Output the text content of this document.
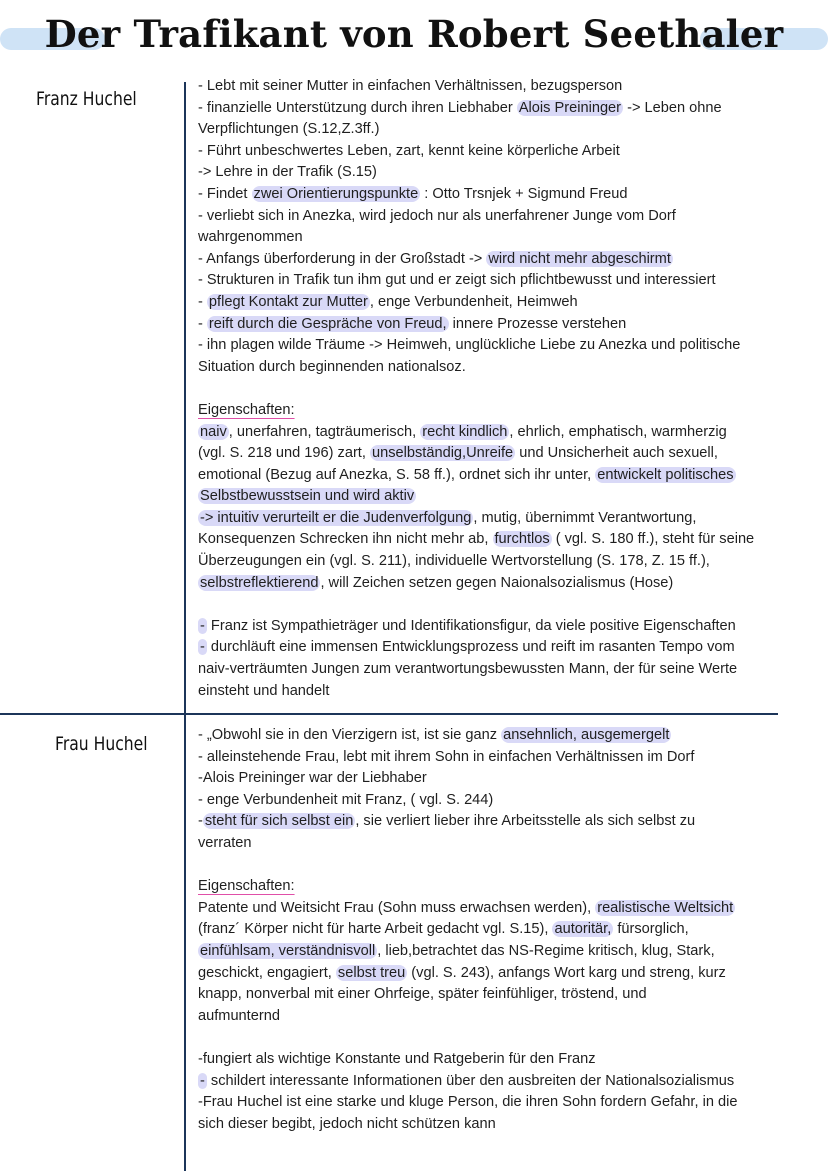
Der Trafikant von Robert Seethaler
Franz Huchel
- Lebt mit seiner Mutter in einfachen Verhältnissen, bezugsperson
- finanzielle Unterstützung durch ihren Liebhaber Alois Preininger -> Leben ohne
Verpflichtungen (S.12,Z.3ff.)
- Führt unbeschwertes Leben, zart, kennt keine körperliche Arbeit
-> Lehre in der Trafik (S.15)
- Findet zwei Orientierungspunkte : Otto Trsnjek + Sigmund Freud
- verliebt sich in Anezka, wird jedoch nur als unerfahrener Junge vom Dorf
wahrgenommen
- Anfangs überforderung in der Großstadt -> wird nicht mehr abgeschirmt
- Strukturen in Trafik tun ihm gut und er zeigt sich pflichtbewusst und interessiert
- pflegt Kontakt zur Mutter , enge Verbundenheit, Heimweh
- reift durch die Gespräche von Freud, innere Prozesse verstehen
- ihn plagen wilde Träume -> Heimweh, unglückliche Liebe zu Anezka und politische
Situation durch beginnenden nationalsoz.
Eigenschaften:
naiv , unerfahren, tagträumerisch, recht kindlich , ehrlich, emphatisch, warmherzig
(vgl. S. 218 und 196) zart, unselbständig,Unreife und Unsicherheit auch sexuell,
emotional (Bezug auf Anezka, S. 58 ff.), ordnet sich ihr unter, entwickelt politisches
Selbstbewusstsein und wird aktiv
-> intuitiv verurteilt er die Judenverfolgung , mutig, übernimmt Verantwortung,
Konsequenzen Schrecken ihn nicht mehr ab, furchtlos ( vgl. S. 180 ff.), steht für seine
Überzeugungen ein (vgl. S. 211), individuelle Wertvorstellung (S. 178, Z. 15 ff.),
selbstreflektierend , will Zeichen setzen gegen Naionalsozialismus (Hose)
- Franz ist Sympathieträger und Identifikationsfigur, da viele positive Eigenschaften
- durchläuft eine immensen Entwicklungsprozess und reift im rasanten Tempo vom
naiv-verträumten Jungen zum verantwortungsbewussten Mann, der für seine Werte
einsteht und handelt
Frau Huchel	- „Obwohl sie in den Vierzigern ist, ist sie ganz ansehnlich, ausgemergelt
- alleinstehende Frau, lebt mit ihrem Sohn in einfachen Verhältnissen im Dorf
-Alois Preininger war der Liebhaber
- enge Verbundenheit mit Franz, ( vgl. S. 244)
- steht für sich selbst ein , sie verliert lieber ihre Arbeitsstelle als sich selbst zu
verraten
Eigenschaften:
Patente und Weitsicht Frau (Sohn muss erwachsen werden), realistische Weltsicht
(franz´ Körper nicht für harte Arbeit gedacht vgl. S.15), autoritär, fürsorglich,
einfühlsam, verständnisvoll , lieb,betrachtet das NS-Regime kritisch, klug, Stark,
geschickt, engagiert, selbst treu (vgl. S. 243), anfangs Wort karg und streng, kurz
knapp, nonverbal mit einer Ohrfeige, später feinfühliger, tröstend, und
aufmunternd
-fungiert als wichtige Konstante und Ratgeberin für den Franz
- schildert interessante Informationen über den ausbreiten der Nationalsozialismus
-Frau Huchel ist eine starke und kluge Person, die ihren Sohn fordern Gefahr, in die
sich dieser begibt, jedoch nicht schützen kann
